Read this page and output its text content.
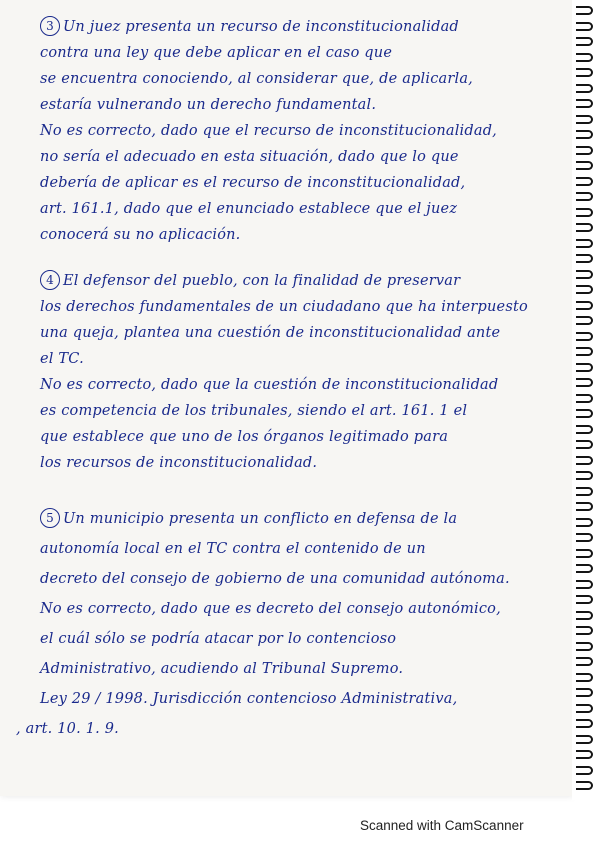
3 Un juez presenta un recurso de inconstitucionalidad
contra una ley que debe aplicar en el caso que
se encuentra conociendo, al considerar que, de aplicarla,
estaría vulnerando un derecho fundamental.
No es correcto, dado que el recurso de inconstitucionalidad,
no sería el adecuado en esta situación, dado que lo que
debería de aplicar es el recurso de inconstitucionalidad,
art. 161.1, dado que el enunciado establece que el juez
conocerá su no aplicación.
4 El defensor del pueblo, con la finalidad de preservar
los derechos fundamentales de un ciudadano que ha interpuesto
una queja, plantea una cuestión de inconstitucionalidad ante
el TC.
No es correcto, dado que la cuestión de inconstitucionalidad
es competencia de los tribunales, siendo el art. 161. 1 el
que establece que uno de los órganos legitimado para
los recursos de inconstitucionalidad.
5 Un municipio presenta un conflicto en defensa de la
autonomía local en el TC contra el contenido de un
decreto del consejo de gobierno de una comunidad autónoma.
No es correcto, dado que es decreto del consejo autonómico,
el cuál sólo se podría atacar por lo contencioso
Administrativo, acudiendo al Tribunal Supremo.
Ley 29 / 1998. Jurisdicción contencioso Administrativa,
, art. 10. 1. 9.
Scanned with CamScanner
